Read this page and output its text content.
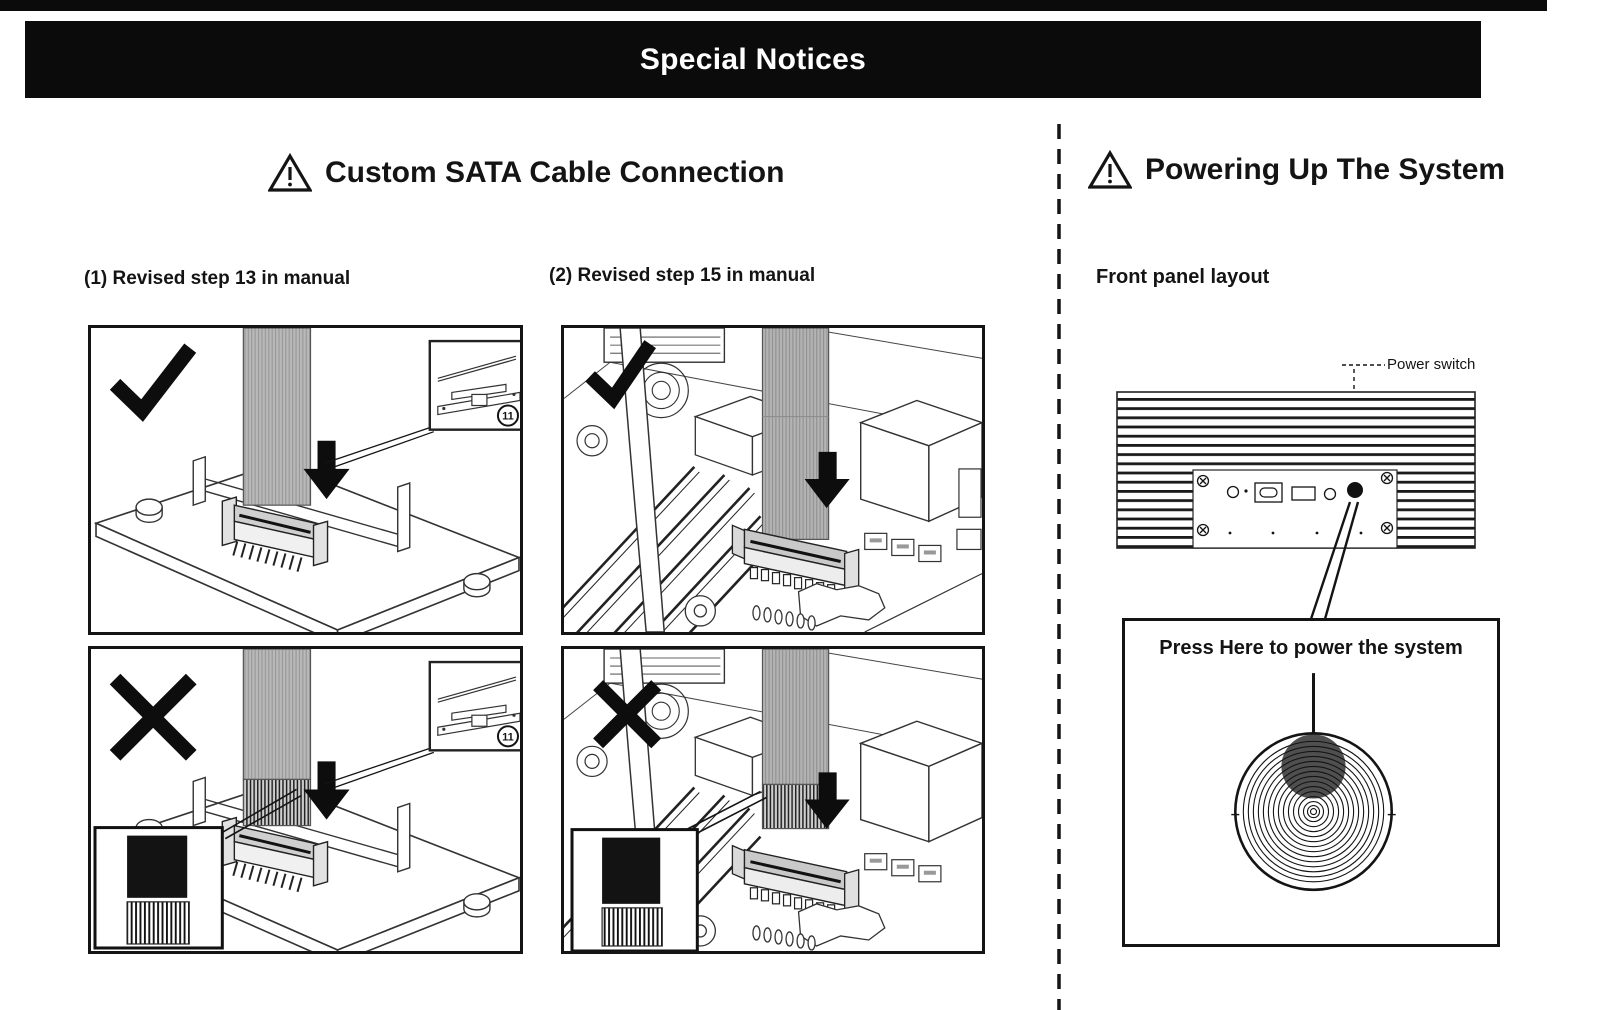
Special Notices
Custom SATA Cable Connection
(1) Revised step 13 in manual	(2) Revised step 15 in manual
11
11
Powering Up The System
Front panel layout
Power switch
Press Here to power the system
